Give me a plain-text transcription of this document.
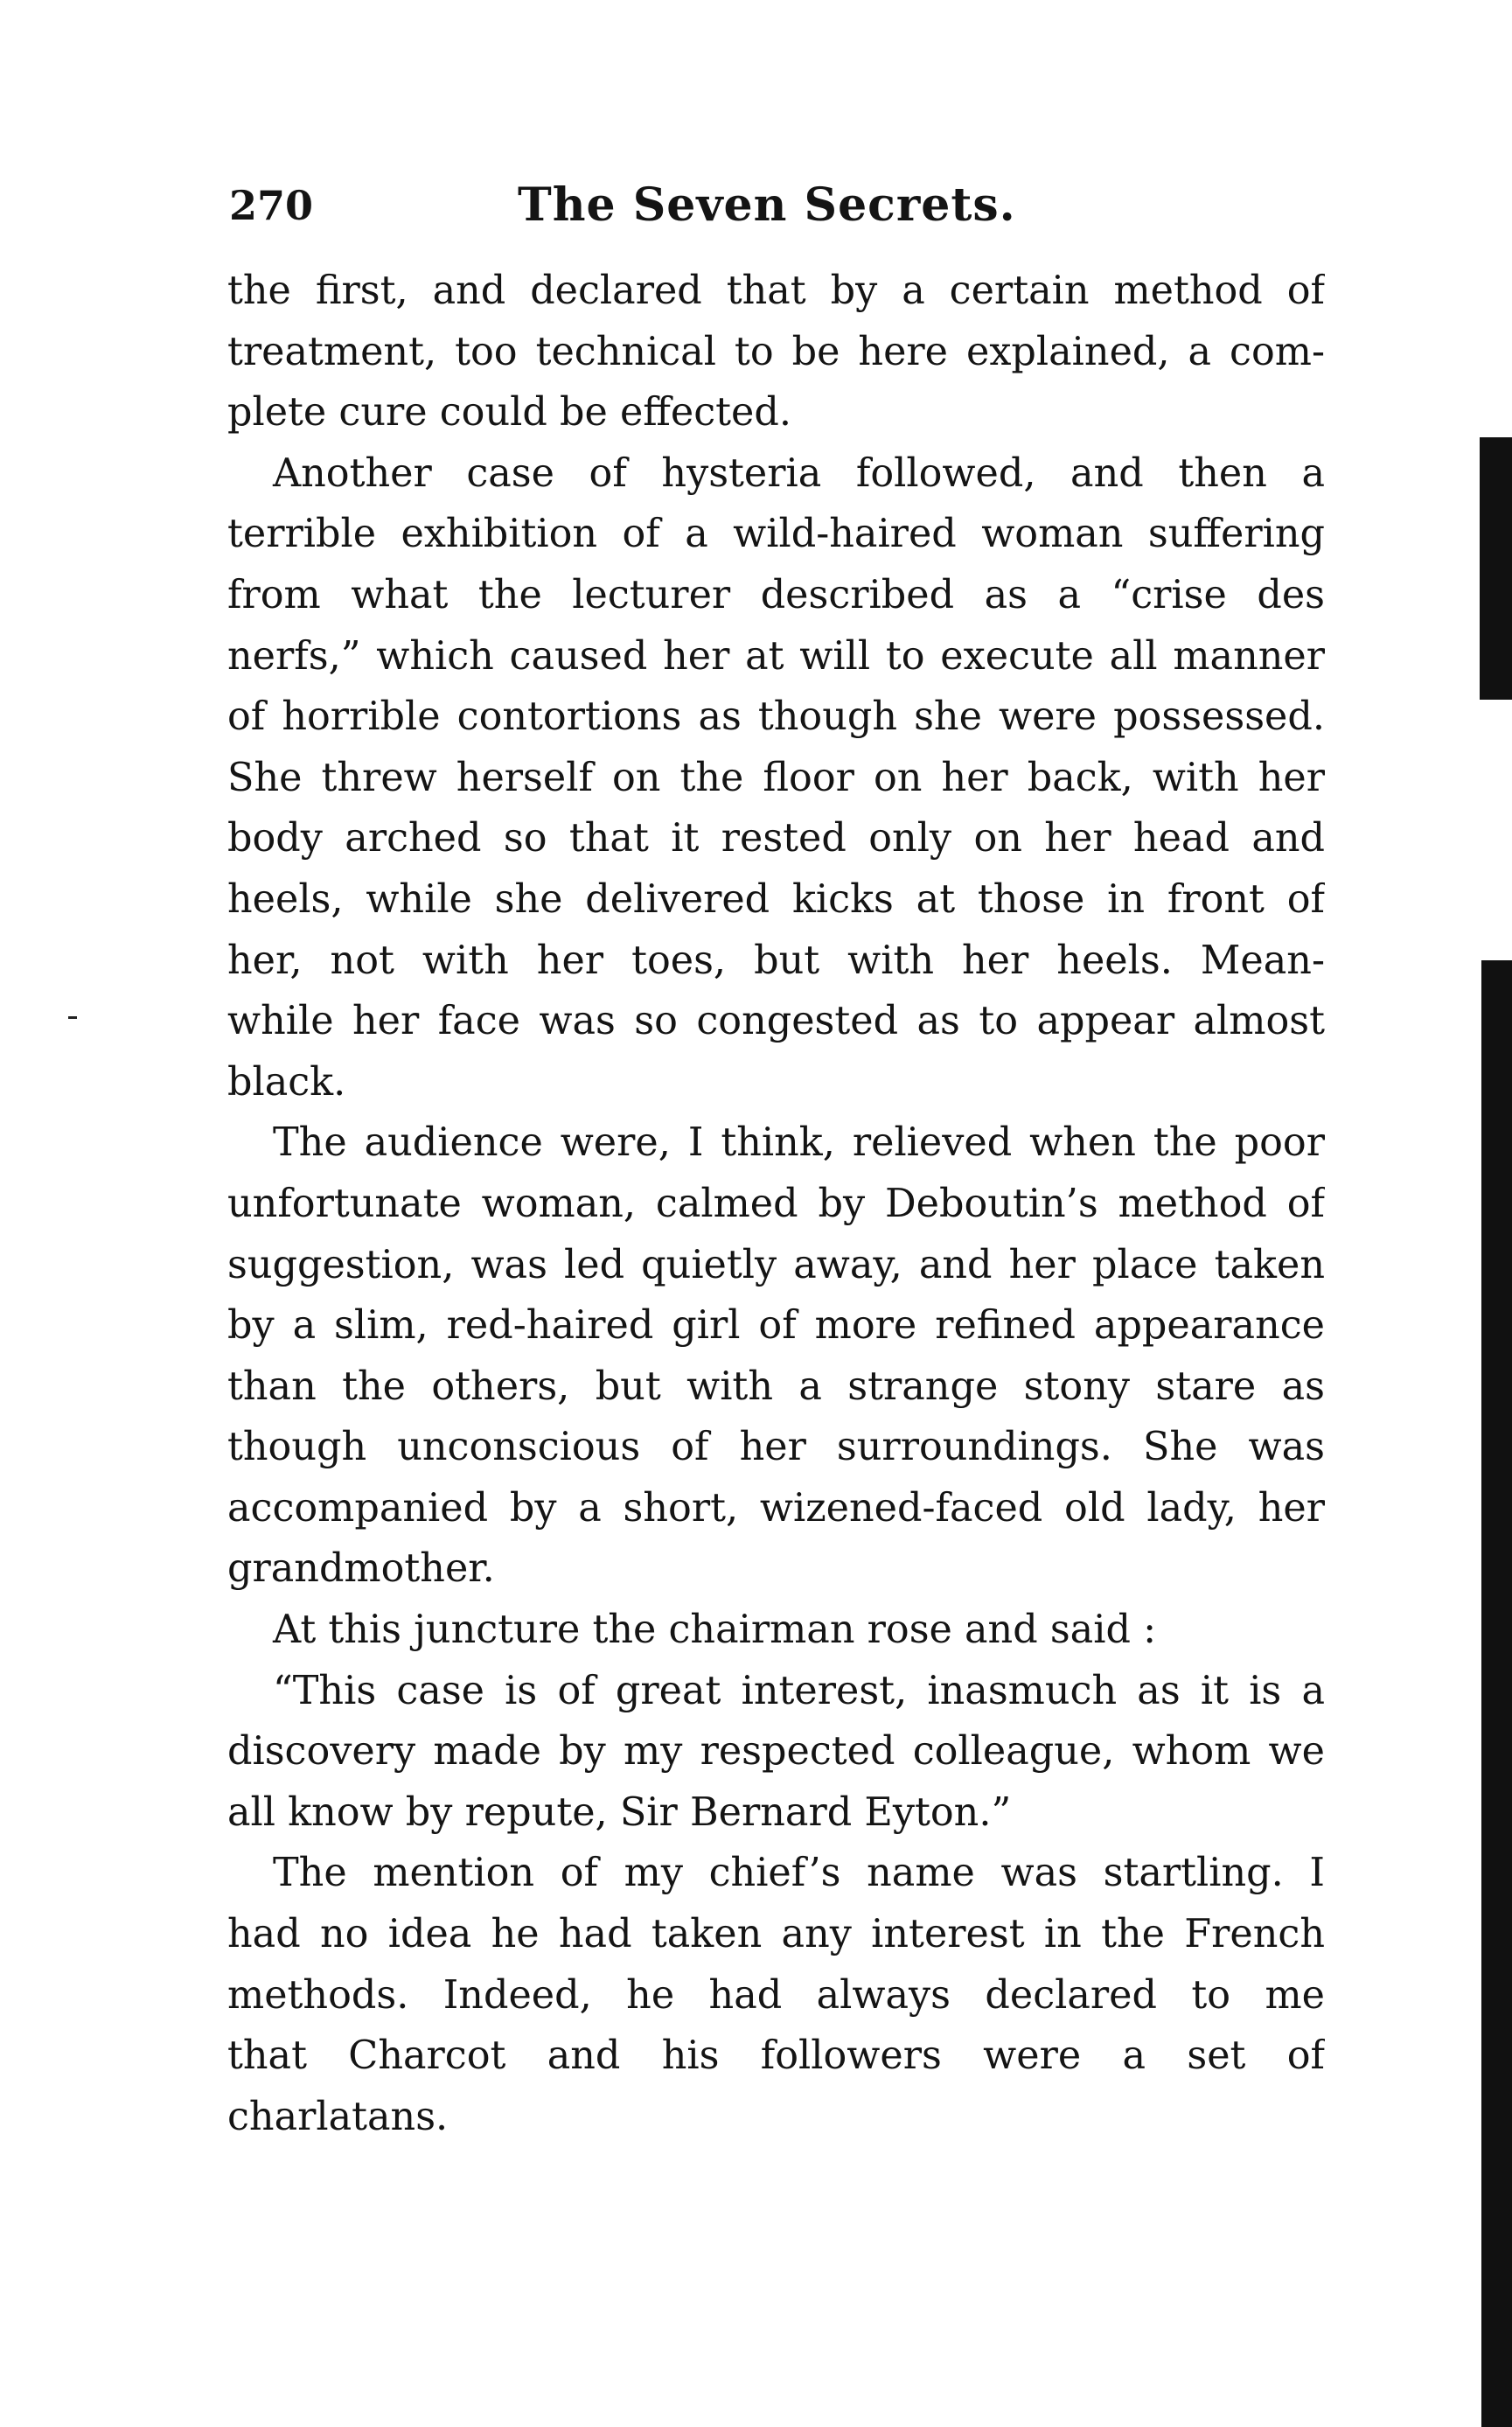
270	The Seven Secrets.
the first, and declared that by a certain method of
treatment, too technical to be here explained, a com-
plete cure could be effected.
Another case of hysteria followed, and then a
terrible exhibition of a wild-haired woman suffering
from what the lecturer described as a “crise des
nerfs,” which caused her at will to execute all manner
of horrible contortions as though she were possessed.
She threw herself on the floor on her back, with her
body arched so that it rested only on her head and
heels, while she delivered kicks at those in front of
her, not with her toes, but with her heels. Mean-
while her face was so congested as to appear almost
black.
The audience were, I think, relieved when the poor
unfortunate woman, calmed by Deboutin’s method of
suggestion, was led quietly away, and her place taken
by a slim, red-haired girl of more refined appearance
than the others, but with a strange stony stare as
though unconscious of her surroundings. She was
accompanied by a short, wizened-faced old lady, her
grandmother.
At this juncture the chairman rose and said :
“This case is of great interest, inasmuch as it is a
discovery made by my respected colleague, whom we
all know by repute, Sir Bernard Eyton.”
The mention of my chief’s name was startling. I
had no idea he had taken any interest in the French
methods. Indeed, he had always declared to me
that Charcot and his followers were a set of
charlatans.
